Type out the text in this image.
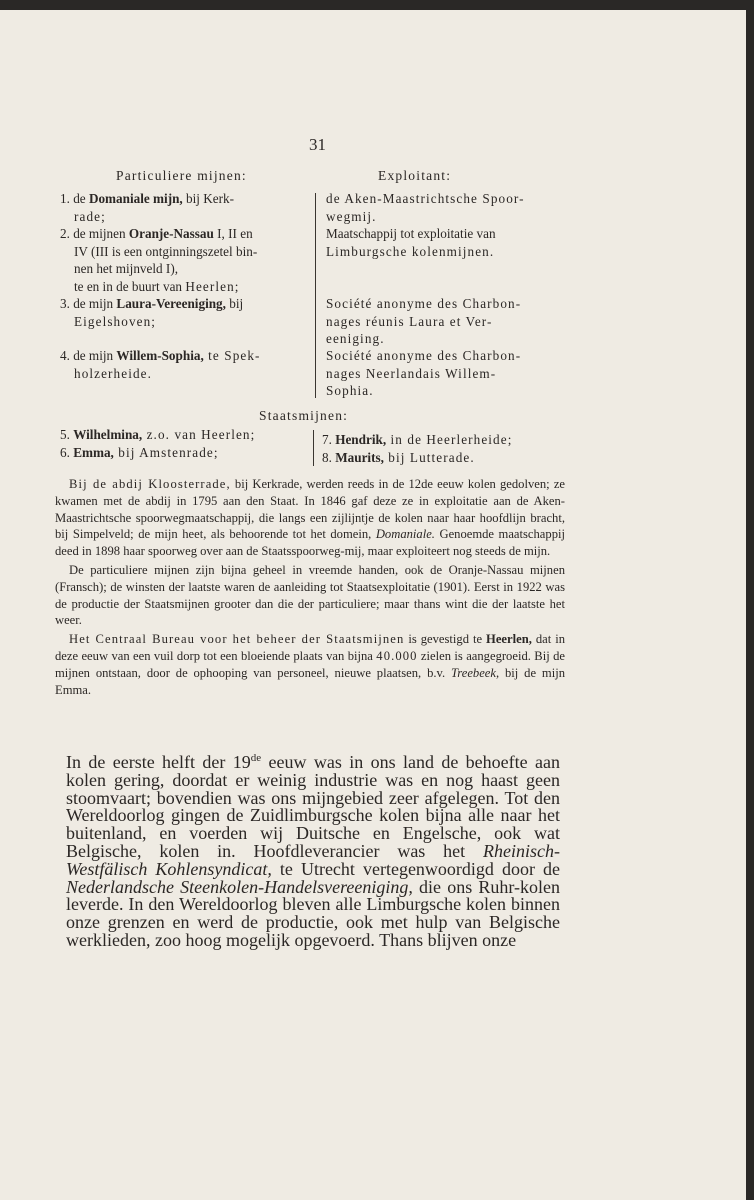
31
Particuliere mijnen:	Exploitant:
1. de Domaniale mijn, bij Kerk-
rade;
2. de mijnen Oranje-Nassau I, II en
IV (III is een ontginningszetel bin-
nen het mijnveld I),
te en in de buurt van Heerlen;
3. de mijn Laura-Vereeniging, bij
Eigelshoven;
4. de mijn Willem-Sophia, te Spek-
holzerheide.
de Aken-Maastrichtsche Spoor-
wegmij.
Maatschappij tot exploitatie van
Limburgsche kolenmijnen.
Société anonyme des Charbon-
nages réunis Laura et Ver-
eeniging.
Société anonyme des Charbon-
nages Neerlandais Willem-
Sophia.
Staatsmijnen:
5. Wilhelmina, z.o. van Heerlen;
6. Emma, bij Amstenrade;
7. Hendrik, in de Heerlerheide;
8. Maurits, bij Lutterade.

Bij de abdij Kloosterrade, bij Kerkrade, werden reeds in de 12de eeuw kolen gedolven; ze kwamen met de abdij in 1795 aan den Staat. In 1846 gaf deze ze in exploitatie aan de Aken-Maastrichtsche spoorwegmaatschappij, die langs een zijlijntje de kolen naar haar hoofdlijn bracht, bij Simpelveld; de mijn heet, als behoorende tot het domein, Domaniale. Genoemde maatschappij deed in 1898 haar spoorweg over aan de Staatsspoorweg-mij, maar exploiteert nog steeds de mijn.

De particuliere mijnen zijn bijna geheel in vreemde handen, ook de Oranje-Nassau mijnen (Fransch); de winsten der laatste waren de aanleiding tot Staatsexploitatie (1901). Eerst in 1922 was de productie der Staatsmijnen grooter dan die der particuliere; maar thans wint die der laatste het weer.

Het Centraal Bureau voor het beheer der Staatsmijnen is gevestigd te Heerlen, dat in deze eeuw van een vuil dorp tot een bloeiende plaats van bijna 40.000 zielen is aangegroeid. Bij de mijnen ontstaan, door de ophooping van personeel, nieuwe plaatsen, b.v. Treebeek, bij de mijn Emma.

In de eerste helft der 19de eeuw was in ons land de behoefte aan kolen gering, doordat er weinig industrie was en nog haast geen stoomvaart; bovendien was ons mijngebied zeer afgelegen. Tot den Wereldoorlog gingen de Zuidlimburgsche kolen bijna alle naar het buitenland, en voerden wij Duitsche en Engelsche, ook wat Belgische, kolen in. Hoofdleverancier was het Rheinisch-Westfälisch Kohlensyndicat, te Utrecht vertegenwoordigd door de Nederlandsche Steenkolen-Handelsvereeniging, die ons Ruhr-kolen leverde. In den Wereldoorlog bleven alle Limburgsche kolen binnen onze grenzen en werd de productie, ook met hulp van Belgische werklieden, zoo hoog mogelijk opgevoerd. Thans blijven onze
